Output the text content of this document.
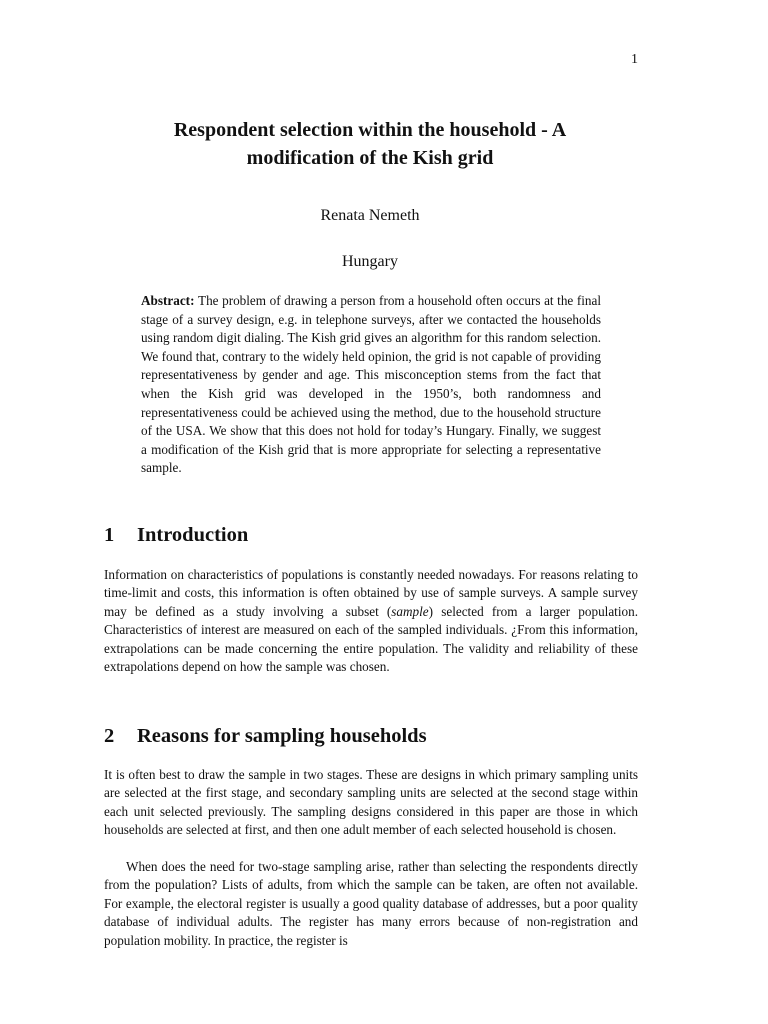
1
Respondent selection within the household - A
modification of the Kish grid
Renata Nemeth
Hungary

Abstract: The problem of drawing a person from a household often occurs at the final stage of a survey design, e.g. in telephone surveys, after we contacted the households using random digit dialing. The Kish grid gives an algorithm for this random selection. We found that, contrary to the widely held opinion, the grid is not capable of providing representativeness by gender and age. This misconception stems from the fact that when the Kish grid was developed in the 1950’s, both randomness and representativeness could be achieved using the method, due to the household structure of the USA. We show that this does not hold for today’s Hungary. Finally, we suggest a modification of the Kish grid that is more appropriate for selecting a representative sample.

1 Introduction

Information on characteristics of populations is constantly needed nowadays. For reasons relating to time-limit and costs, this information is often obtained by use of sample surveys. A sample survey may be defined as a study involving a subset (sample) selected from a larger population. Characteristics of interest are measured on each of the sampled individuals. ¿From this information, extrapolations can be made concerning the entire population. The validity and reliability of these extrapolations depend on how the sample was chosen.

2 Reasons for sampling households

It is often best to draw the sample in two stages. These are designs in which primary sampling units are selected at the first stage, and secondary sampling units are selected at the second stage within each unit selected previously. The sampling designs considered in this paper are those in which households are selected at first, and then one adult member of each selected household is chosen.

When does the need for two-stage sampling arise, rather than selecting the respondents directly from the population? Lists of adults, from which the sample can be taken, are often not available. For example, the electoral register is usually a good quality database of addresses, but a poor quality database of individual adults. The register has many errors because of non-registration and population mobility. In practice, the register is
